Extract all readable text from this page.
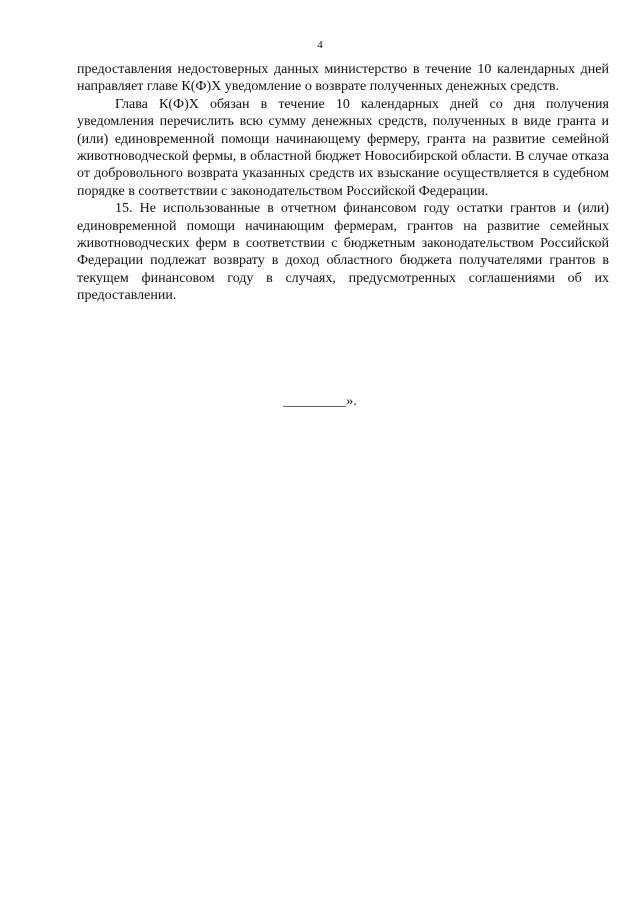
4

предоставления недостоверных данных министерство в течение 10 календарных дней направляет главе К(Ф)Х уведомление о возврате полученных денежных средств.

Глава К(Ф)Х обязан в течение 10 календарных дней со дня получения уведомления перечислить всю сумму денежных средств, полученных в виде гранта и (или) единовременной помощи начинающему фермеру, гранта на развитие семейной животноводческой фермы, в областной бюджет Новосибирской области. В случае отказа от добровольного возврата указанных средств их взыскание осуществляется в судебном порядке в соответствии с законодательством Российской Федерации.

15. Не использованные в отчетном финансовом году остатки грантов и (или) единовременной помощи начинающим фермерам, грантов на развитие семейных животноводческих ферм в соответствии с бюджетным законодательством Российской Федерации подлежат возврату в доход областного бюджета получателями грантов в текущем финансовом году в случаях, предусмотренных соглашениями об их предоставлении.

_________».
